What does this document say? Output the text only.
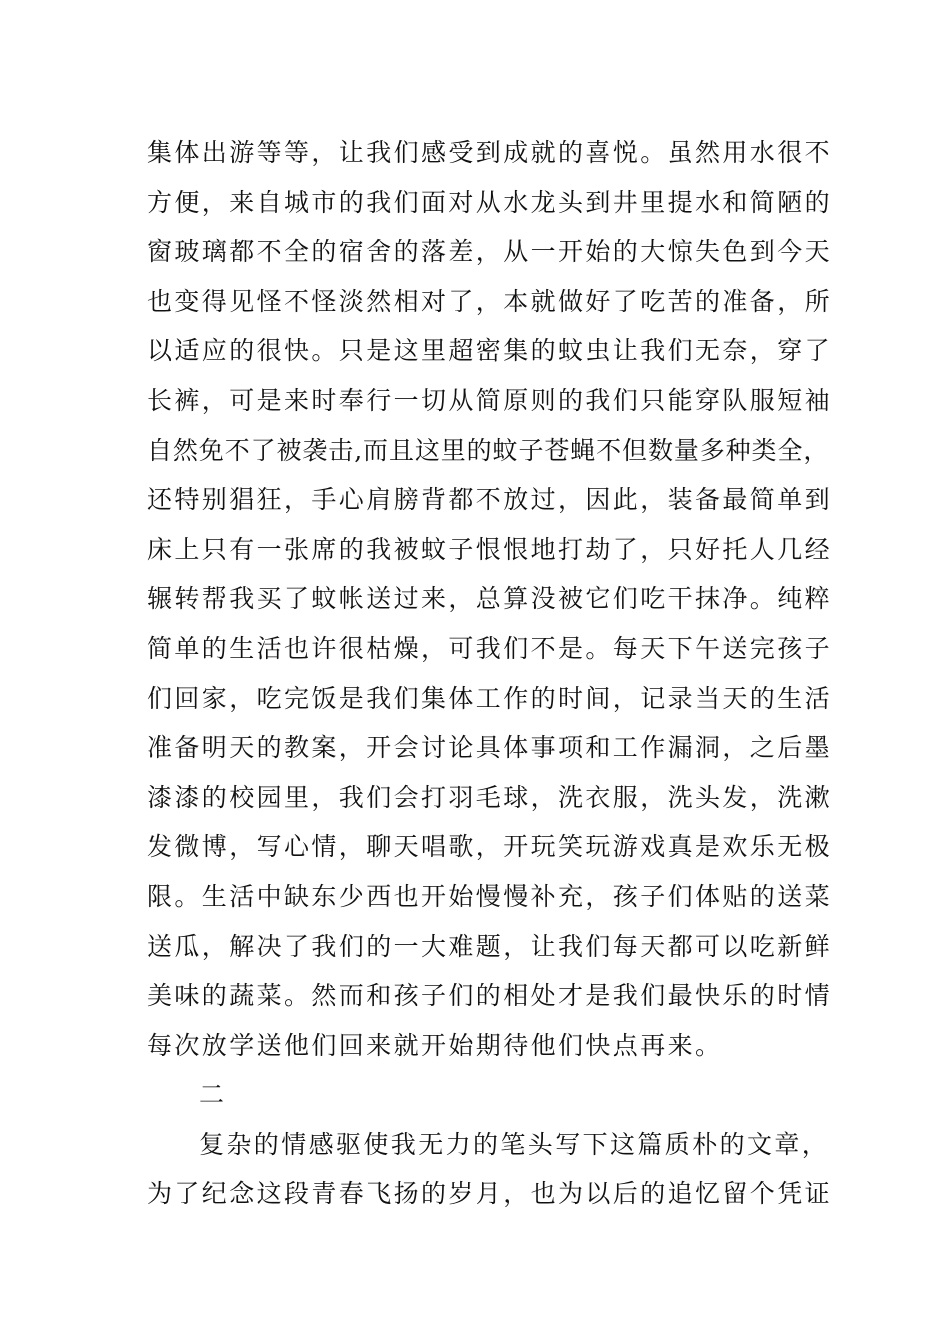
集体出游等等，让我们感受到成就的喜悦。虽然用水很不
方便，来自城市的我们面对从水龙头到井里提水和简陋的
窗玻璃都不全的宿舍的落差，从一开始的大惊失色到今天
也变得见怪不怪淡然相对了，本就做好了吃苦的准备，所
以适应的很快。只是这里超密集的蚊虫让我们无奈，穿了
长裤，可是来时奉行一切从简原则的我们只能穿队服短袖
自然免不了被袭击,而且这里的蚊子苍蝇不但数量多种类全，
还特别猖狂，手心肩膀背都不放过，因此，装备最简单到
床上只有一张席的我被蚊子恨恨地打劫了，只好托人几经
辗转帮我买了蚊帐送过来，总算没被它们吃干抹净。纯粹
简单的生活也许很枯燥，可我们不是。每天下午送完孩子
们回家，吃完饭是我们集体工作的时间，记录当天的生活
准备明天的教案，开会讨论具体事项和工作漏洞，之后墨
漆漆的校园里，我们会打羽毛球，洗衣服，洗头发，洗漱
发微博，写心情，聊天唱歌，开玩笑玩游戏真是欢乐无极
限。生活中缺东少西也开始慢慢补充，孩子们体贴的送菜
送瓜，解决了我们的一大难题，让我们每天都可以吃新鲜
美味的蔬菜。然而和孩子们的相处才是我们最快乐的时情
每次放学送他们回来就开始期待他们快点再来。
二
复杂的情感驱使我无力的笔头写下这篇质朴的文章，
为了纪念这段青春飞扬的岁月，也为以后的追忆留个凭证
